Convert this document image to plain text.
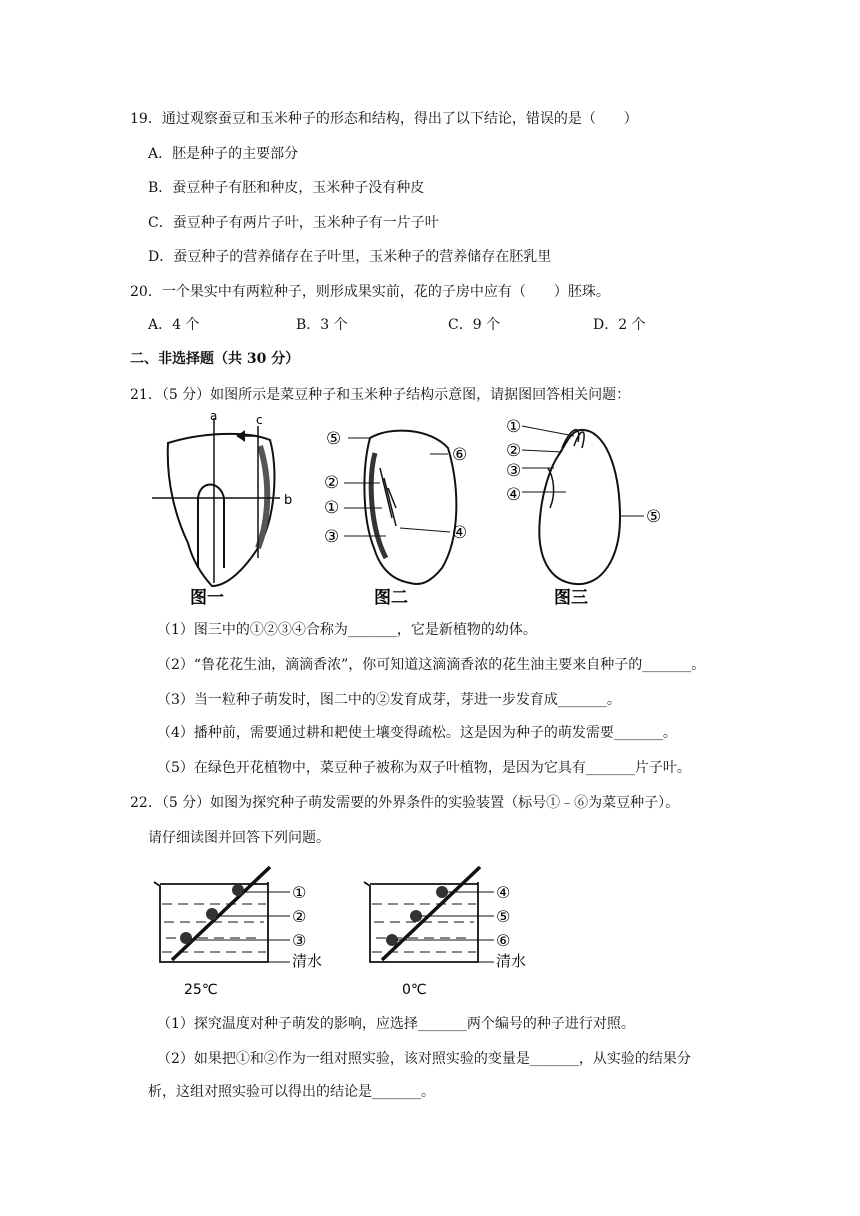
19．通过观察蚕豆和玉米种子的形态和结构，得出了以下结论，错误的是（　　）
A．胚是种子的主要部分
B．蚕豆种子有胚和种皮，玉米种子没有种皮
C．蚕豆种子有两片子叶，玉米种子有一片子叶
D．蚕豆种子的营养储存在子叶里，玉米种子的营养储存在胚乳里
20．一个果实中有两粒种子，则形成果实前，花的子房中应有（　　）胚珠。
A．4 个	B．3 个	C．9 个	D．2 个
二、非选择题（共 30 分）
21．（5 分）如图所示是菜豆种子和玉米种子结构示意图，请据图回答相关问题：
a
b
c
图一
⑤
⑥
②
①
③	④
图二
①
②
③
④
⑤
图三
（1）图三中的①②③④合称为_______，它是新植物的幼体。
（2）“鲁花花生油，滴滴香浓”，你可知道这滴滴香浓的花生油主要来自种子的_______。
（3）当一粒种子萌发时，图二中的②发育成芽，芽进一步发育成_______。
（4）播种前，需要通过耕和耙使土壤变得疏松。这是因为种子的萌发需要_______。
（5）在绿色开花植物中，菜豆种子被称为双子叶植物，是因为它具有_______片子叶。
22．（5 分）如图为探究种子萌发需要的外界条件的实验装置（标号①﹣⑥为菜豆种子）。
请仔细读图并回答下列问题。
①
②
③
清水
25℃
④
⑤
⑥
清水
0℃
（1）探究温度对种子萌发的影响，应选择_______两个编号的种子进行对照。
（2）如果把①和②作为一组对照实验，该对照实验的变量是_______，从实验的结果分
析，这组对照实验可以得出的结论是_______。
